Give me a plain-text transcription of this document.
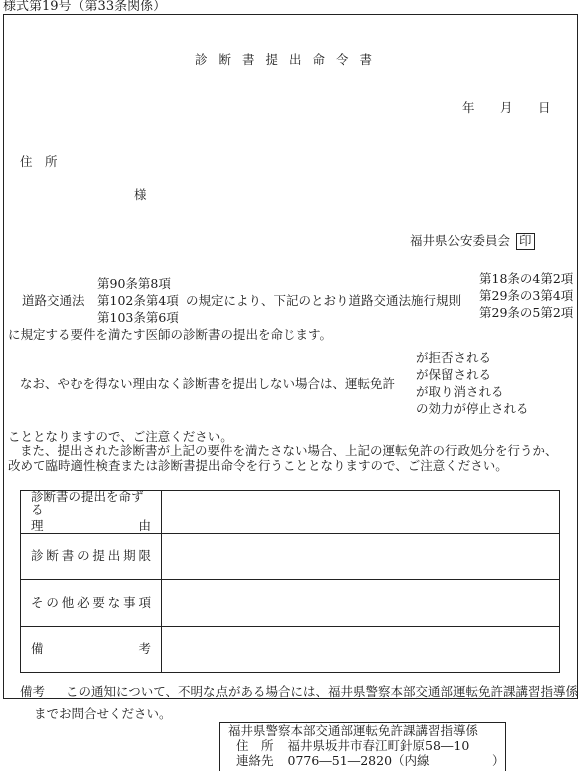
様式第19号（第33条関係）
診断書提出命令書
年 月 日
住　所
様
福井県公安委員会 印
道路交通法
第90条第8項
第102条第4項
第103条第6項
の規定により、下記のとおり道路交通法施行規則
第18条の4第2項
第29条の3第4項
第29条の5第2項
に規定する要件を満たす医師の診断書の提出を命じます。
なお、やむを得ない理由なく診断書を提出しない場合は、運転免許
が拒否される
が保留される
が取り消される
の効力が停止される
こととなりますので、ご注意ください。
また、提出された診断書が上記の要件を満たさない場合、上記の運転免許の行政処分を行うか、
改めて臨時適性検査または診断書提出命令を行うこととなりますので、ご注意ください。
診断書の提出を命ずる
理 由	

診断書の提出期限	
その他必要な事項	
備考	
備考 この通知について、不明な点がある場合には、福井県警察本部交通部運転免許課講習指導係
までお問合せください。
福井県警察本部交通部運転免許課講習指導係
住　所 福井県坂井市春江町針原58―10
連絡先 0776―51―2820（内線　　　　　）
